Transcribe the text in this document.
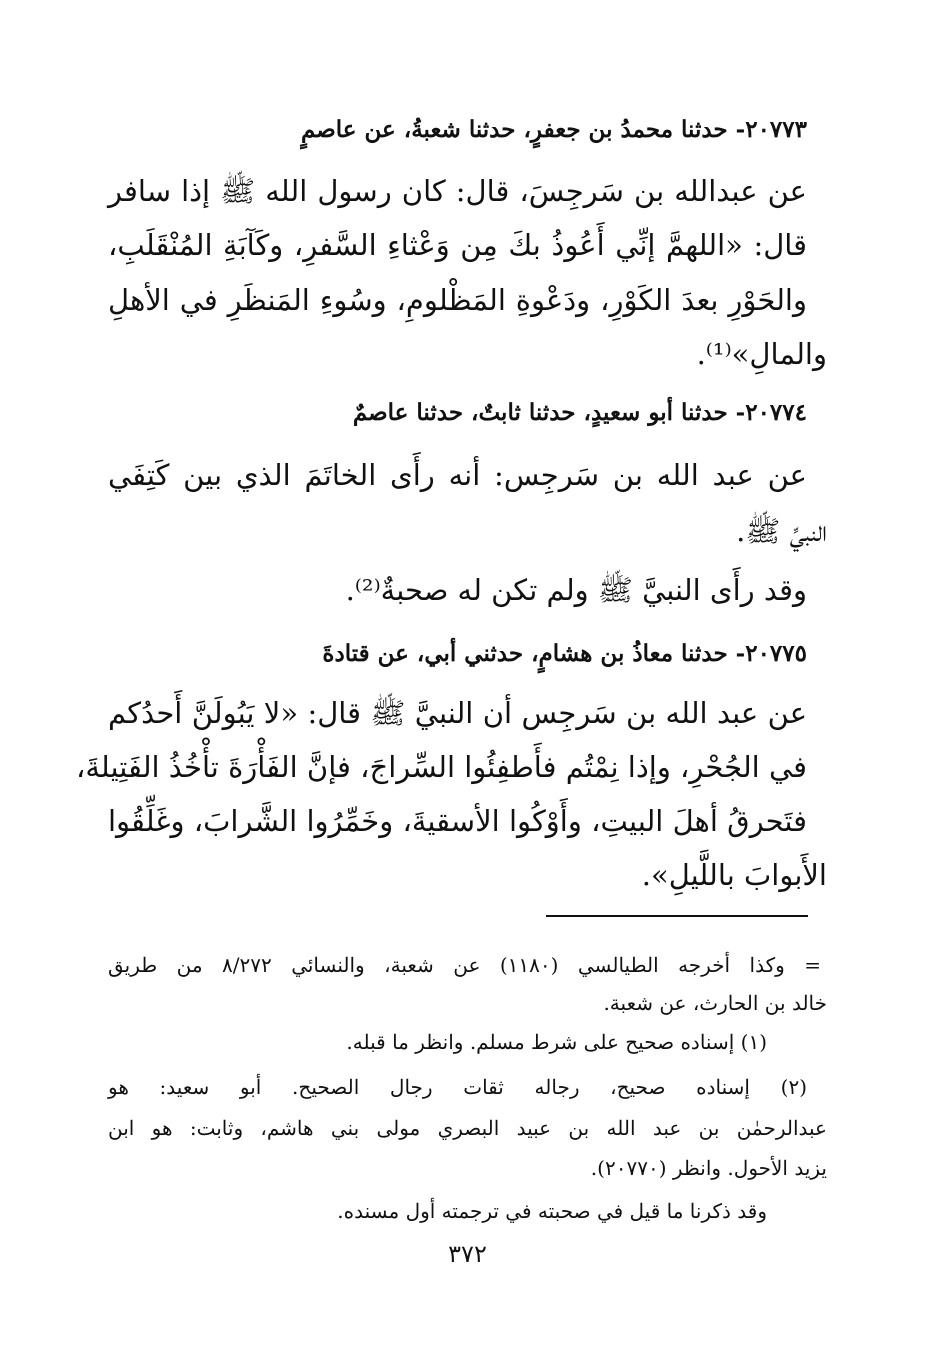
٢٠٧٧٣- حدثنا محمدُ بن جعفرٍ، حدثنا شعبةُ، عن عاصمٍ
عن عبدالله بن سَرجِسَ، قال: كان رسول الله ﷺ إذا سافر
قال: «اللهمَّ إنِّي أَعُوذُ بكَ مِن وَعْثاءِ السَّفرِ، وكَآبَةِ المُنْقَلَبِ،
والحَوْرِ بعدَ الكَوْرِ، ودَعْوةِ المَظْلومِ، وسُوءِ المَنظَرِ في الأهلِ
والمالِ»⁽¹⁾.
٢٠٧٧٤- حدثنا أبو سعيدٍ، حدثنا ثابتٌ، حدثنا عاصمٌ
عن عبد الله بن سَرجِس: أنه رأَى الخاتَمَ الذي بين كَتِفَي
النبيِّ ﷺ.
وقد رأَى النبيَّ ﷺ ولم تكن له صحبةٌ⁽²⁾.
٢٠٧٧٥- حدثنا معاذُ بن هشامٍ، حدثني أبي، عن قتادةَ
عن عبد الله بن سَرجِس أن النبيَّ ﷺ قال: «لا يَبُولَنَّ أَحدُكم
في الجُحْرِ، وإذا نِمْتُم فأَطفِئُوا السِّراجَ، فإنَّ الفَأْرَةَ تأْخُذُ الفَتِيلةَ،
فتَحرقُ أهلَ البيتِ، وأَوْكُوا الأسقيةَ، وخَمِّرُوا الشَّرابَ، وغَلِّقُوا
الأَبوابَ باللَّيلِ».
= وكذا أخرجه الطيالسي (١١٨٠) عن شعبة، والنسائي ٨/٢٧٢ من طريق
خالد بن الحارث، عن شعبة.
(١) إسناده صحيح على شرط مسلم. وانظر ما قبله.
(٢) إسناده صحيح، رجاله ثقات رجال الصحيح. أبو سعيد: هو
عبدالرحمٰن بن عبد الله بن عبيد البصري مولى بني هاشم، وثابت: هو ابن
يزيد الأحول. وانظر (٢٠٧٧٠).
وقد ذكرنا ما قيل في صحبته في ترجمته أول مسنده.
٣٧٢
